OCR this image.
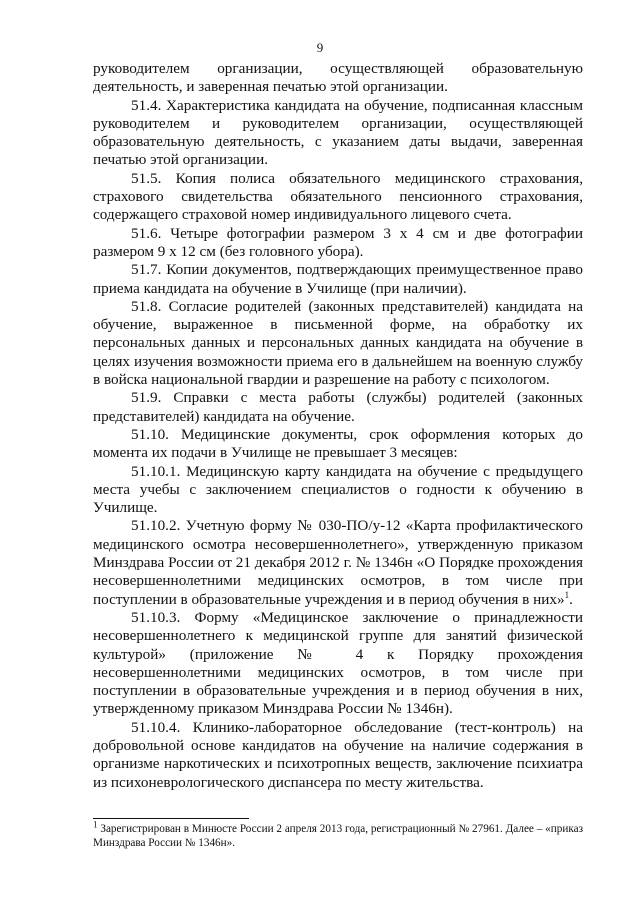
9

руководителем организации, осуществляющей образовательную деятельность, и заверенная печатью этой организации.

51.4. Характеристика кандидата на обучение, подписанная классным руководителем и руководителем организации, осуществляющей образовательную деятельность, с указанием даты выдачи, заверенная печатью этой организации.

51.5. Копия полиса обязательного медицинского страхования, страхового свидетельства обязательного пенсионного страхования, содержащего страховой номер индивидуального лицевого счета.

51.6. Четыре фотографии размером 3 х 4 см и две фотографии размером 9 х 12 см (без головного убора).

51.7. Копии документов, подтверждающих преимущественное право приема кандидата на обучение в Училище (при наличии).

51.8. Согласие родителей (законных представителей) кандидата на обучение, выраженное в письменной форме, на обработку их персональных данных и персональных данных кандидата на обучение в целях изучения возможности приема его в дальнейшем на военную службу в войска национальной гвардии и разрешение на работу с психологом.

51.9. Справки с места работы (службы) родителей (законных представителей) кандидата на обучение.

51.10. Медицинские документы, срок оформления которых до момента их подачи в Училище не превышает 3 месяцев:

51.10.1. Медицинскую карту кандидата на обучение с предыдущего места учебы с заключением специалистов о годности к обучению в Училище.

51.10.2. Учетную форму № 030-ПО/у-12 «Карта профилактического медицинского осмотра несовершеннолетнего», утвержденную приказом Минздрава России от 21 декабря 2012 г. № 1346н «О Порядке прохождения несовершеннолетними медицинских осмотров, в том числе при поступлении в образовательные учреждения и в период обучения в них»$^1$.

51.10.3. Форму «Медицинское заключение о принадлежности несовершеннолетнего к медицинской группе для занятий физической культурой» (приложение № 4 к Порядку прохождения несовершеннолетними медицинских осмотров, в том числе при поступлении в образовательные учреждения и в период обучения в них, утвержденному приказом Минздрава России № 1346н).

51.10.4. Клинико-лабораторное обследование (тест-контроль) на добровольной основе кандидатов на обучение на наличие содержания в организме наркотических и психотропных веществ, заключение психиатра из психоневрологического диспансера по месту жительства.

$^1$ Зарегистрирован в Минюсте России 2 апреля 2013 года, регистрационный № 27961. Далее – «приказ Минздрава России № 1346н».
